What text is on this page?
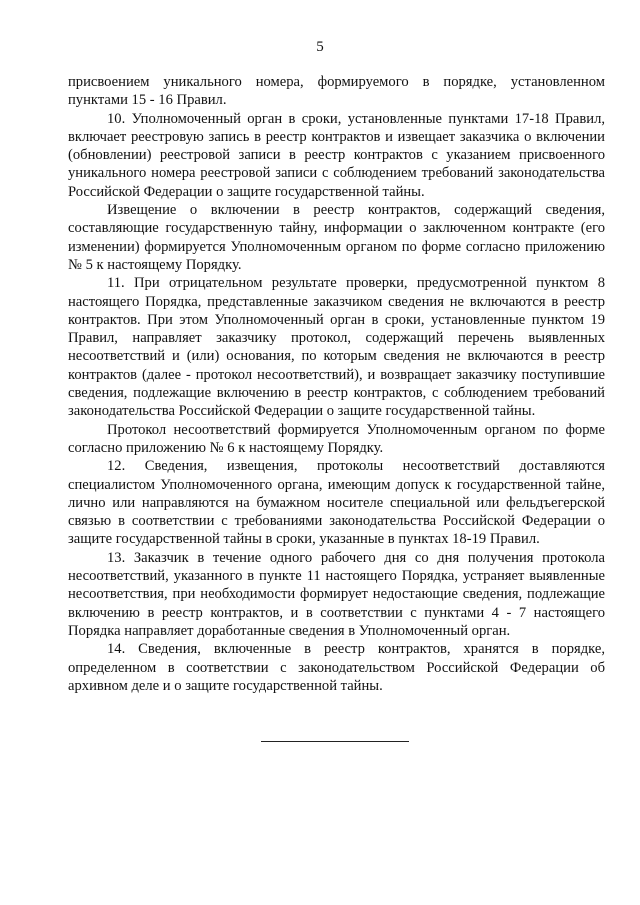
5

присвоением уникального номера, формируемого в порядке, установленном пунктами 15 - 16 Правил.

10. Уполномоченный орган в сроки, установленные пунктами 17-18 Правил, включает реестровую запись в реестр контрактов и извещает заказчика о включении (обновлении) реестровой записи в реестр контрактов с указанием присвоенного уникального номера реестровой записи с соблюдением требований законодательства Российской Федерации о защите государственной тайны.

Извещение о включении в реестр контрактов, содержащий сведения, составляющие государственную тайну, информации о заключенном контракте (его изменении) формируется Уполномоченным органом по форме согласно приложению № 5 к настоящему Порядку.

11. При отрицательном результате проверки, предусмотренной пунктом 8 настоящего Порядка, представленные заказчиком сведения не включаются в реестр контрактов. При этом Уполномоченный орган в сроки, установленные пунктом 19 Правил, направляет заказчику протокол, содержащий перечень выявленных несоответствий и (или) основания, по которым сведения не включаются в реестр контрактов (далее - протокол несоответствий), и возвращает заказчику поступившие сведения, подлежащие включению в реестр контрактов, с соблюдением требований законодательства Российской Федерации о защите государственной тайны.

Протокол несоответствий формируется Уполномоченным органом по форме согласно приложению № 6 к настоящему Порядку.

12. Сведения, извещения, протоколы несоответствий доставляются специалистом Уполномоченного органа, имеющим допуск к государственной тайне, лично или направляются на бумажном носителе специальной или фельдъегерской связью в соответствии с требованиями законодательства Российской Федерации о защите государственной тайны в сроки, указанные в пунктах 18-19 Правил.

13. Заказчик в течение одного рабочего дня со дня получения протокола несоответствий, указанного в пункте 11 настоящего Порядка, устраняет выявленные несоответствия, при необходимости формирует недостающие сведения, подлежащие включению в реестр контрактов, и в соответствии с пунктами 4 - 7 настоящего Порядка направляет доработанные сведения в Уполномоченный орган.

14. Сведения, включенные в реестр контрактов, хранятся в порядке, определенном в соответствии с законодательством Российской Федерации об архивном деле и о защите государственной тайны.
